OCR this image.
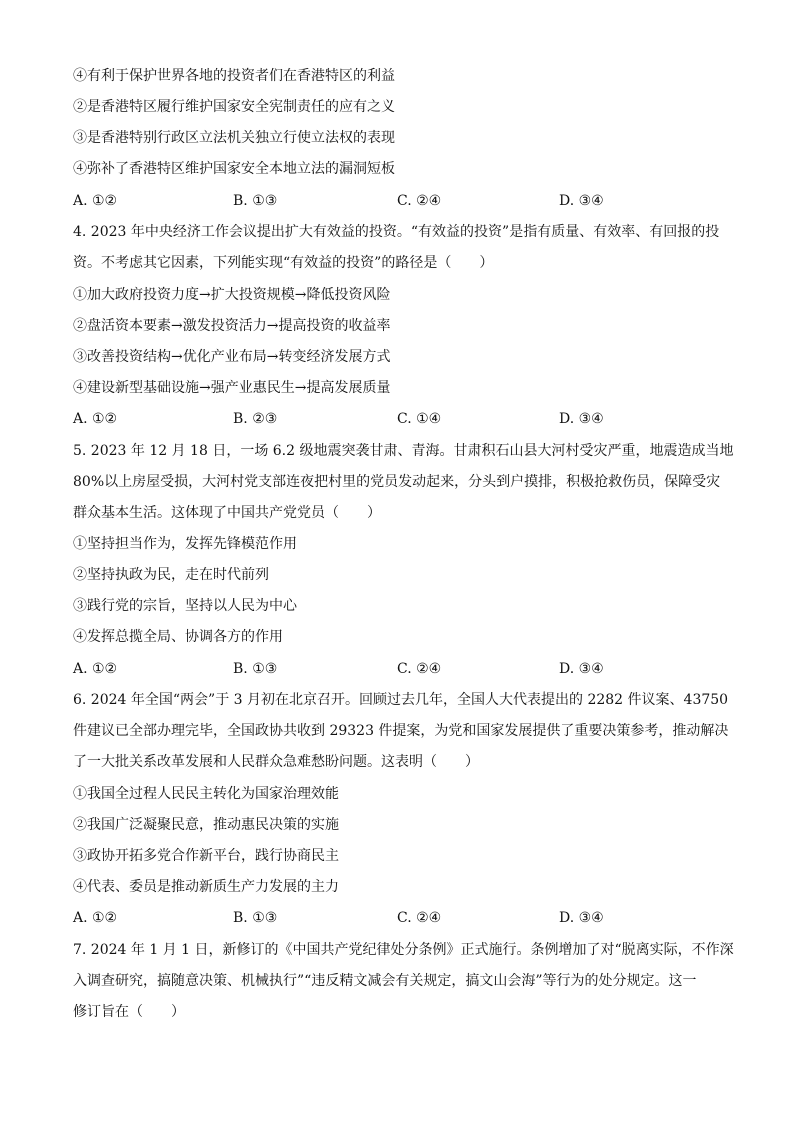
④有利于保护世界各地的投资者们在香港特区的利益
②是香港特区履行维护国家安全宪制责任的应有之义
③是香港特别行政区立法机关独立行使立法权的表现
④弥补了香港特区维护国家安全本地立法的漏洞短板
A. ①②	B. ①③	C. ②④	D. ③④
4. 2023 年中央经济工作会议提出扩大有效益的投资。“有效益的投资”是指有质量、有效率、有回报的投
资。不考虑其它因素，下列能实现“有效益的投资”的路径是（　　）
①加大政府投资力度→扩大投资规模→降低投资风险
②盘活资本要素→激发投资活力→提高投资的收益率
③改善投资结构→优化产业布局→转变经济发展方式
④建设新型基础设施→强产业惠民生→提高发展质量
A. ①②	B. ②③	C. ①④	D. ③④
5. 2023 年 12 月 18 日，一场 6.2 级地震突袭甘肃、青海。甘肃积石山县大河村受灾严重，地震造成当地
80%以上房屋受损，大河村党支部连夜把村里的党员发动起来，分头到户摸排，积极抢救伤员，保障受灾
群众基本生活。这体现了中国共产党党员（　　）
①坚持担当作为，发挥先锋模范作用
②坚持执政为民，走在时代前列
③践行党的宗旨，坚持以人民为中心
④发挥总揽全局、协调各方的作用
A. ①②	B. ①③	C. ②④	D. ③④
6. 2024 年全国“两会”于 3 月初在北京召开。回顾过去几年，全国人大代表提出的 2282 件议案、43750
件建议已全部办理完毕，全国政协共收到 29323 件提案，为党和国家发展提供了重要决策参考，推动解决
了一大批关系改革发展和人民群众急难愁盼问题。这表明（　　）
①我国全过程人民民主转化为国家治理效能
②我国广泛凝聚民意，推动惠民决策的实施
③政协开拓多党合作新平台，践行协商民主
④代表、委员是推动新质生产力发展的主力
A. ①②	B. ①③	C. ②④	D. ③④
7. 2024 年 1 月 1 日，新修订的《中国共产党纪律处分条例》正式施行。条例增加了对“脱离实际，不作深
入调查研究，搞随意决策、机械执行”“违反精文减会有关规定，搞文山会海”等行为的处分规定。这一
修订旨在（　　）
